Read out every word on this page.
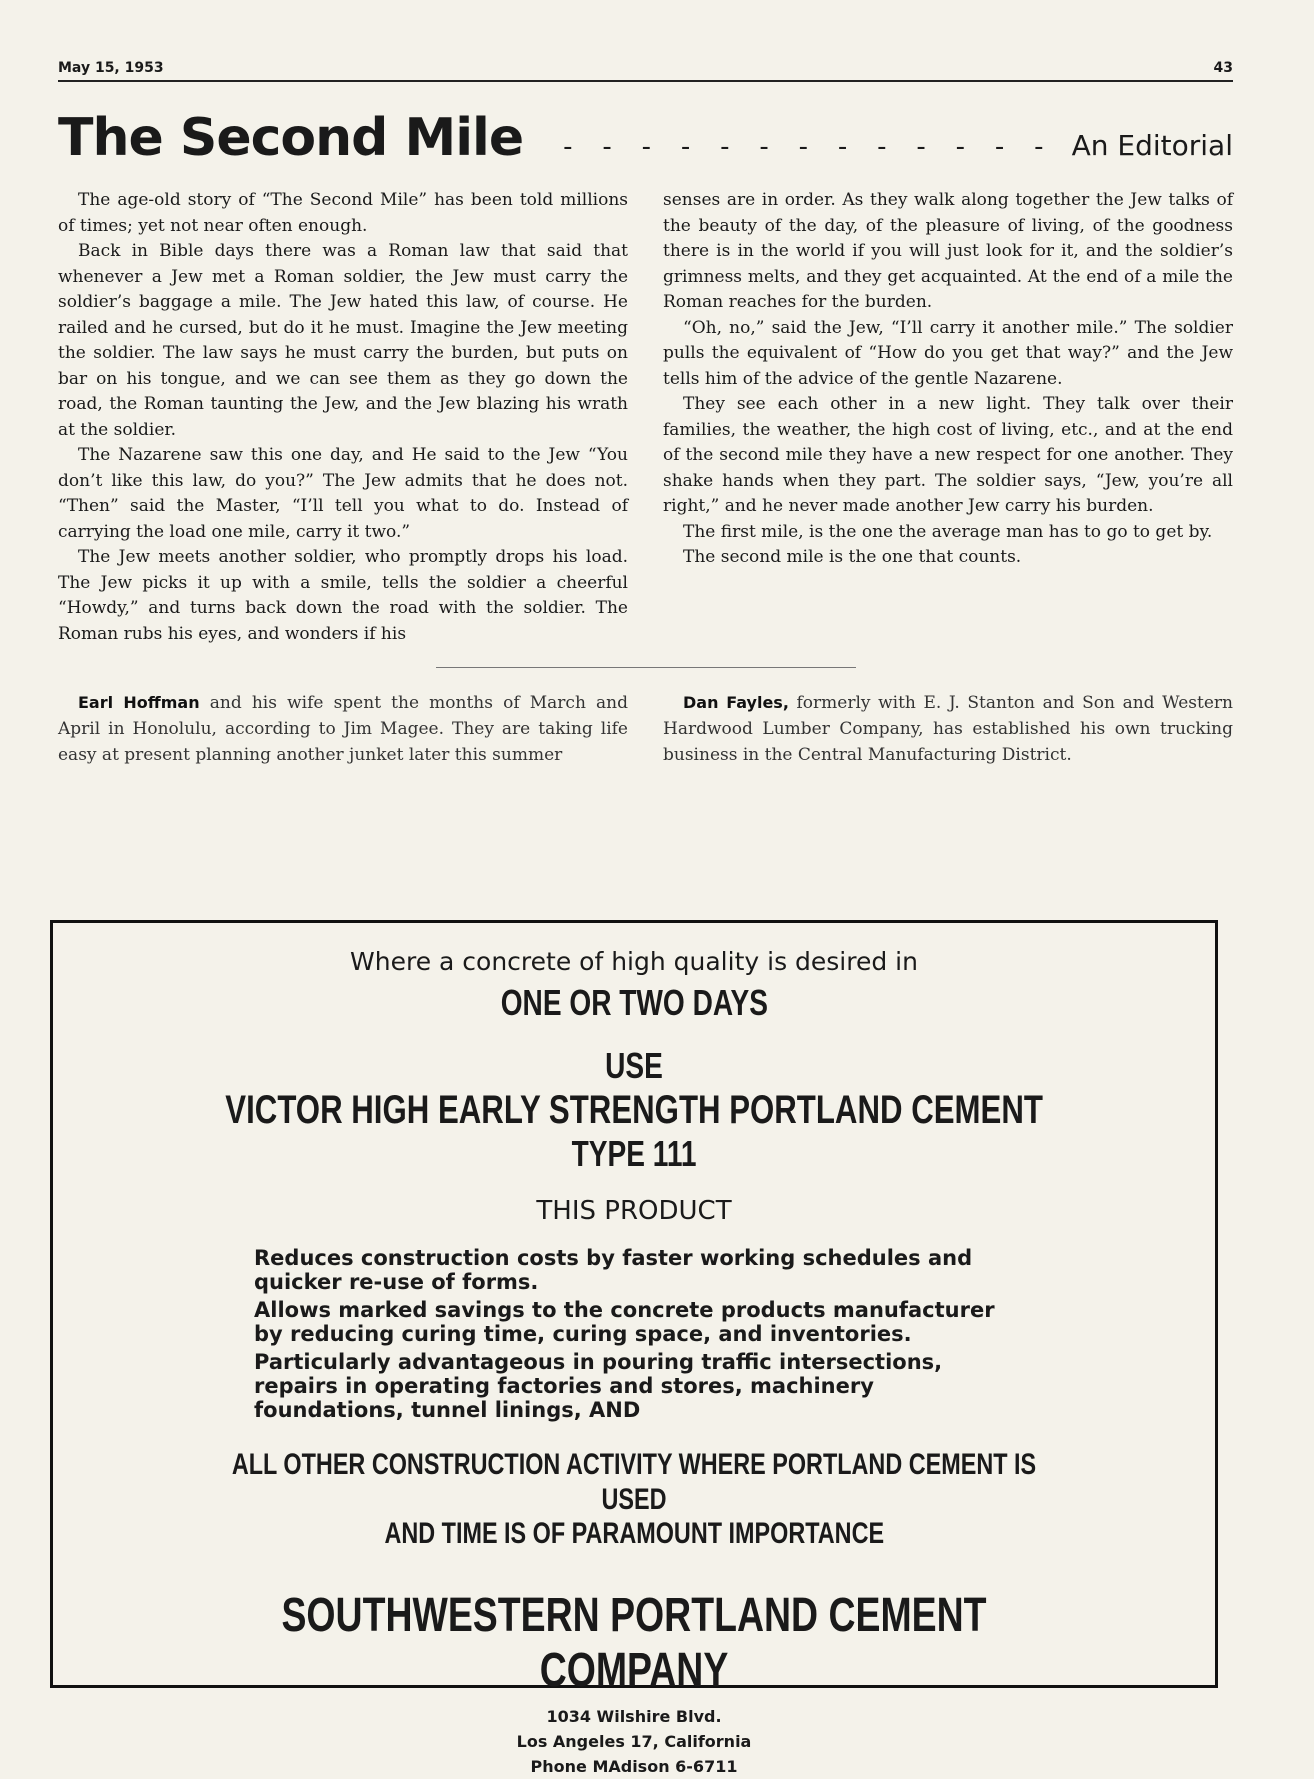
May 15, 1953	43
The Second Mile - - - - - - - - - - - - - An Editorial

The age-old story of “The Second Mile” has been told millions of times; yet not near often enough.

Back in Bible days there was a Roman law that said that whenever a Jew met a Roman soldier, the Jew must carry the soldier’s baggage a mile. The Jew hated this law, of course. He railed and he cursed, but do it he must. Imagine the Jew meeting the soldier. The law says he must carry the burden, but puts on bar on his tongue, and we can see them as they go down the road, the Roman taunting the Jew, and the Jew blazing his wrath at the soldier.

The Nazarene saw this one day, and He said to the Jew “You don’t like this law, do you?” The Jew admits that he does not. “Then” said the Master, “I’ll tell you what to do. Instead of carrying the load one mile, carry it two.”

The Jew meets another soldier, who promptly drops his load. The Jew picks it up with a smile, tells the soldier a cheerful “Howdy,” and turns back down the road with the soldier. The Roman rubs his eyes, and wonders if his

senses are in order. As they walk along together the Jew talks of the beauty of the day, of the pleasure of living, of the goodness there is in the world if you will just look for it, and the soldier’s grimness melts, and they get acquainted. At the end of a mile the Roman reaches for the burden.

“Oh, no,” said the Jew, “I’ll carry it another mile.” The soldier pulls the equivalent of “How do you get that way?” and the Jew tells him of the advice of the gentle Nazarene.

They see each other in a new light. They talk over their families, the weather, the high cost of living, etc., and at the end of the second mile they have a new respect for one another. They shake hands when they part. The soldier says, “Jew, you’re all right,” and he never made another Jew carry his burden.

The first mile, is the one the average man has to go to get by.

The second mile is the one that counts.

Earl Hoffman and his wife spent the months of March and April in Honolulu, according to Jim Magee. They are taking life easy at present planning another junket later this summer

Dan Fayles, formerly with E. J. Stanton and Son and Western Hardwood Lumber Company, has established his own trucking business in the Central Manufacturing District.

Where a concrete of high quality is desired in
ONE OR TWO DAYS
USE
VICTOR HIGH EARLY STRENGTH PORTLAND CEMENT
TYPE 111
THIS PRODUCT
Reduces construction costs by faster working schedules and quicker re-use of forms.
Allows marked savings to the concrete products manufacturer by reducing curing time, curing space, and inventories.
Particularly advantageous in pouring traffic intersections, repairs in operating factories and stores, machinery foundations, tunnel linings, AND
ALL OTHER CONSTRUCTION ACTIVITY WHERE PORTLAND CEMENT IS USED
AND TIME IS OF PARAMOUNT IMPORTANCE
SOUTHWESTERN PORTLAND CEMENT COMPANY
1034 Wilshire Blvd.
Los Angeles 17, California
Phone MAdison 6-6711
